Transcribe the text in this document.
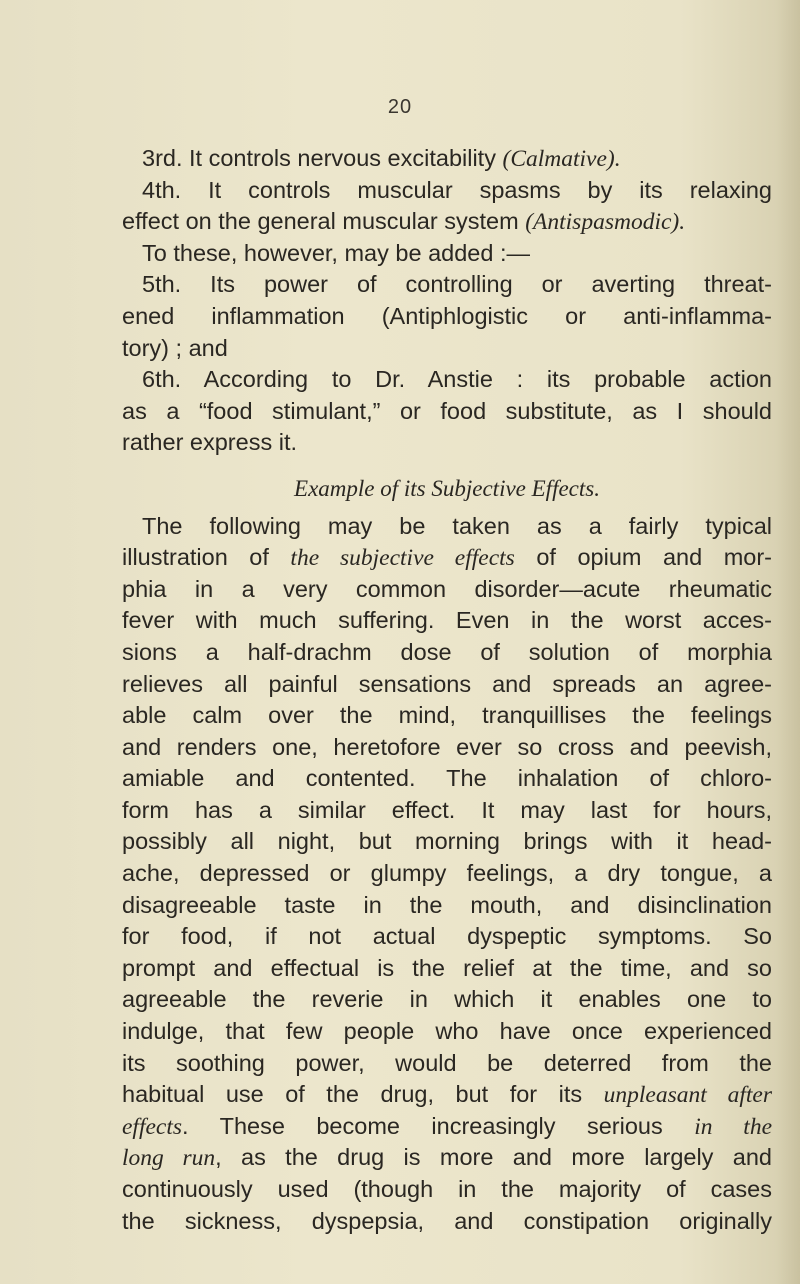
20
3rd. It controls nervous excitability (Calmative).
4th. It controls muscular spasms by its relaxing
effect on the general muscular system (Antispasmodic).
To these, however, may be added :—
5th. Its power of controlling or averting threat-
ened inflammation (Antiphlogistic or anti-inflamma-
tory) ; and
6th. According to Dr. Anstie : its probable action
as a “food stimulant,” or food substitute, as I should
rather express it.
Example of its Subjective Effects.
The following may be taken as a fairly typical
illustration of the subjective effects of opium and mor-
phia in a very common disorder—acute rheumatic
fever with much suffering. Even in the worst acces-
sions a half-drachm dose of solution of morphia
relieves all painful sensations and spreads an agree-
able calm over the mind, tranquillises the feelings
and renders one, heretofore ever so cross and peevish,
amiable and contented. The inhalation of chloro-
form has a similar effect. It may last for hours,
possibly all night, but morning brings with it head-
ache, depressed or glumpy feelings, a dry tongue, a
disagreeable taste in the mouth, and disinclination
for food, if not actual dyspeptic symptoms. So
prompt and effectual is the relief at the time, and so
agreeable the reverie in which it enables one to
indulge, that few people who have once experienced
its soothing power, would be deterred from the
habitual use of the drug, but for its unpleasant after
effects. These become increasingly serious in the
long run, as the drug is more and more largely and
continuously used (though in the majority of cases
the sickness, dyspepsia, and constipation originally
